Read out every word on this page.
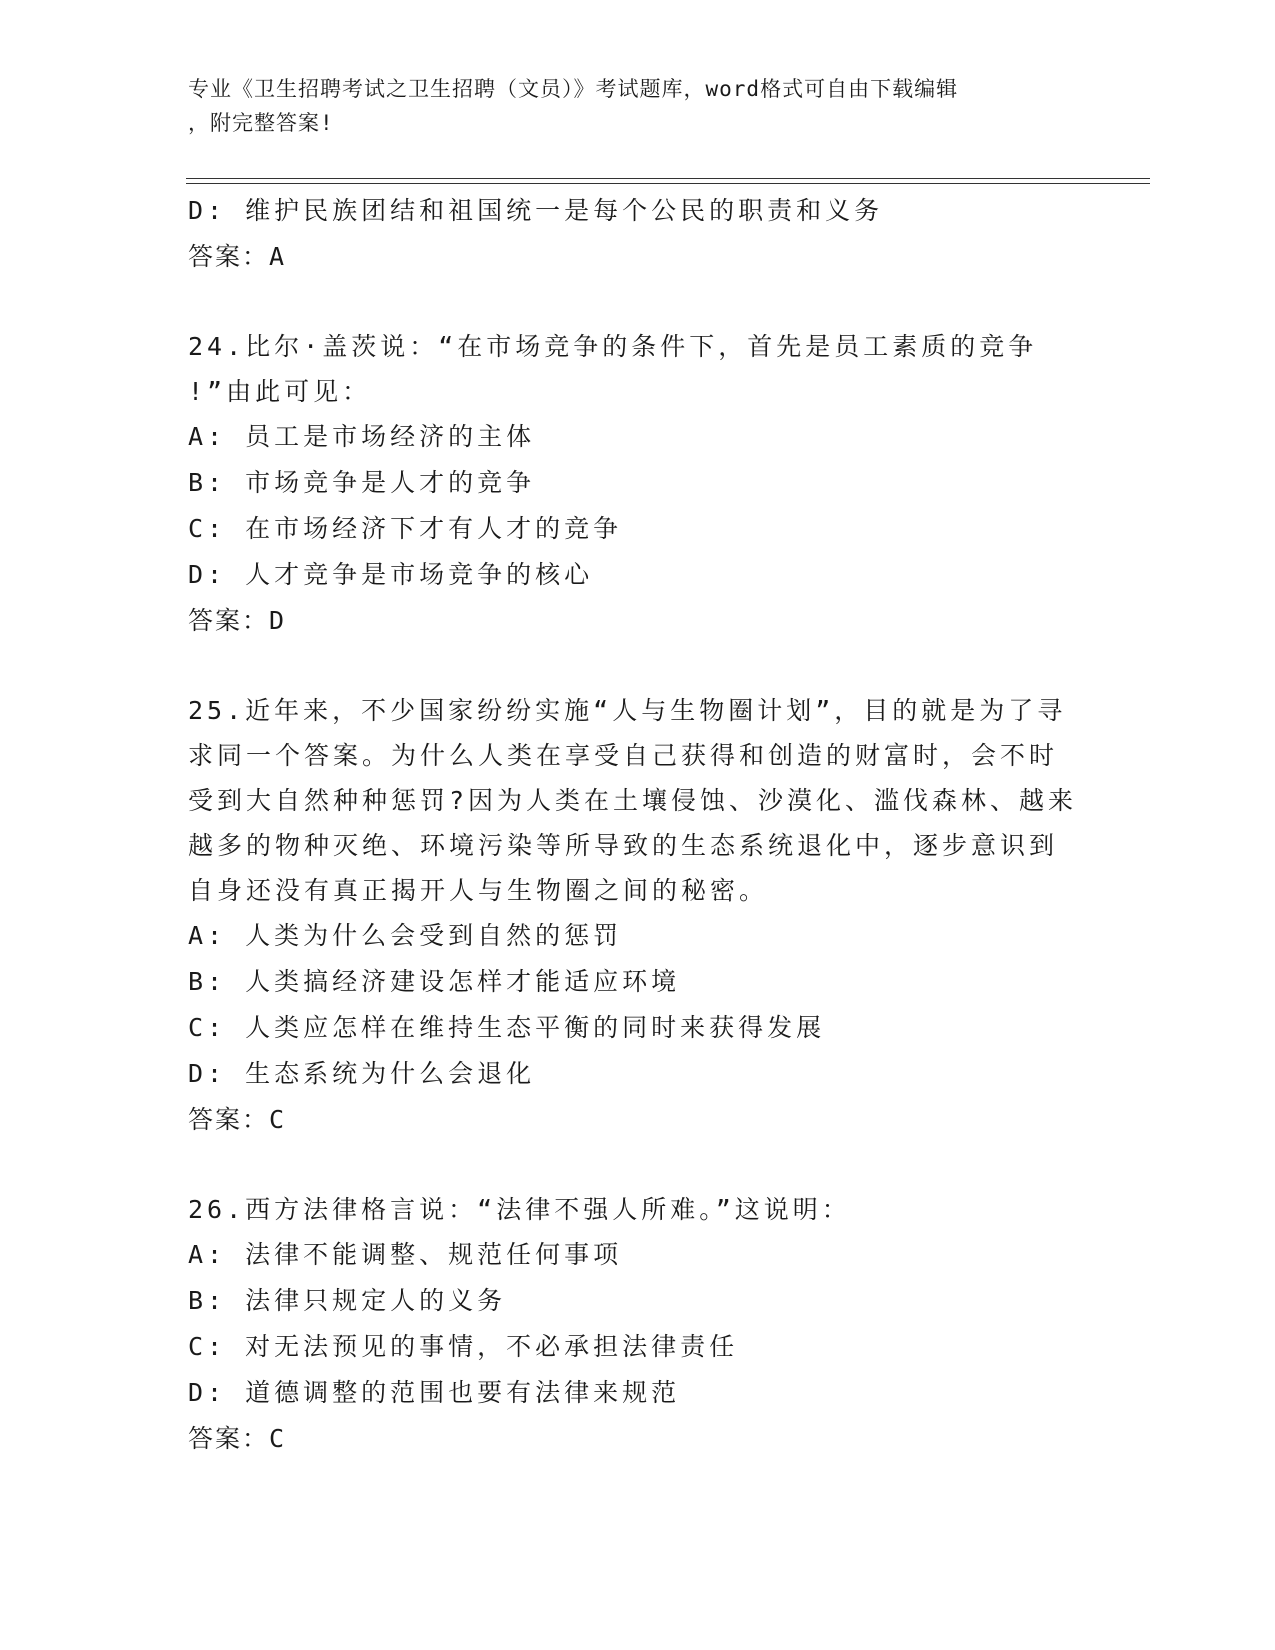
专业《卫生招聘考试之卫生招聘（文员）》考试题库，word格式可自由下载编辑
，附完整答案!
D: 维护民族团结和祖国统一是每个公民的职责和义务
答案：A
24.比尔·盖茨说：“在市场竞争的条件下，首先是员工素质的竞争
!”由此可见：
A: 员工是市场经济的主体
B: 市场竞争是人才的竞争
C: 在市场经济下才有人才的竞争
D: 人才竞争是市场竞争的核心
答案：D
25.近年来，不少国家纷纷实施“人与生物圈计划”，目的就是为了寻
求同一个答案。为什么人类在享受自己获得和创造的财富时，会不时
受到大自然种种惩罚?因为人类在土壤侵蚀、沙漠化、滥伐森林、越来
越多的物种灭绝、环境污染等所导致的生态系统退化中，逐步意识到
自身还没有真正揭开人与生物圈之间的秘密。
A: 人类为什么会受到自然的惩罚
B: 人类搞经济建设怎样才能适应环境
C: 人类应怎样在维持生态平衡的同时来获得发展
D: 生态系统为什么会退化
答案：C
26.西方法律格言说：“法律不强人所难。”这说明：
A: 法律不能调整、规范任何事项
B: 法律只规定人的义务
C: 对无法预见的事情，不必承担法律责任
D: 道德调整的范围也要有法律来规范
答案：C
